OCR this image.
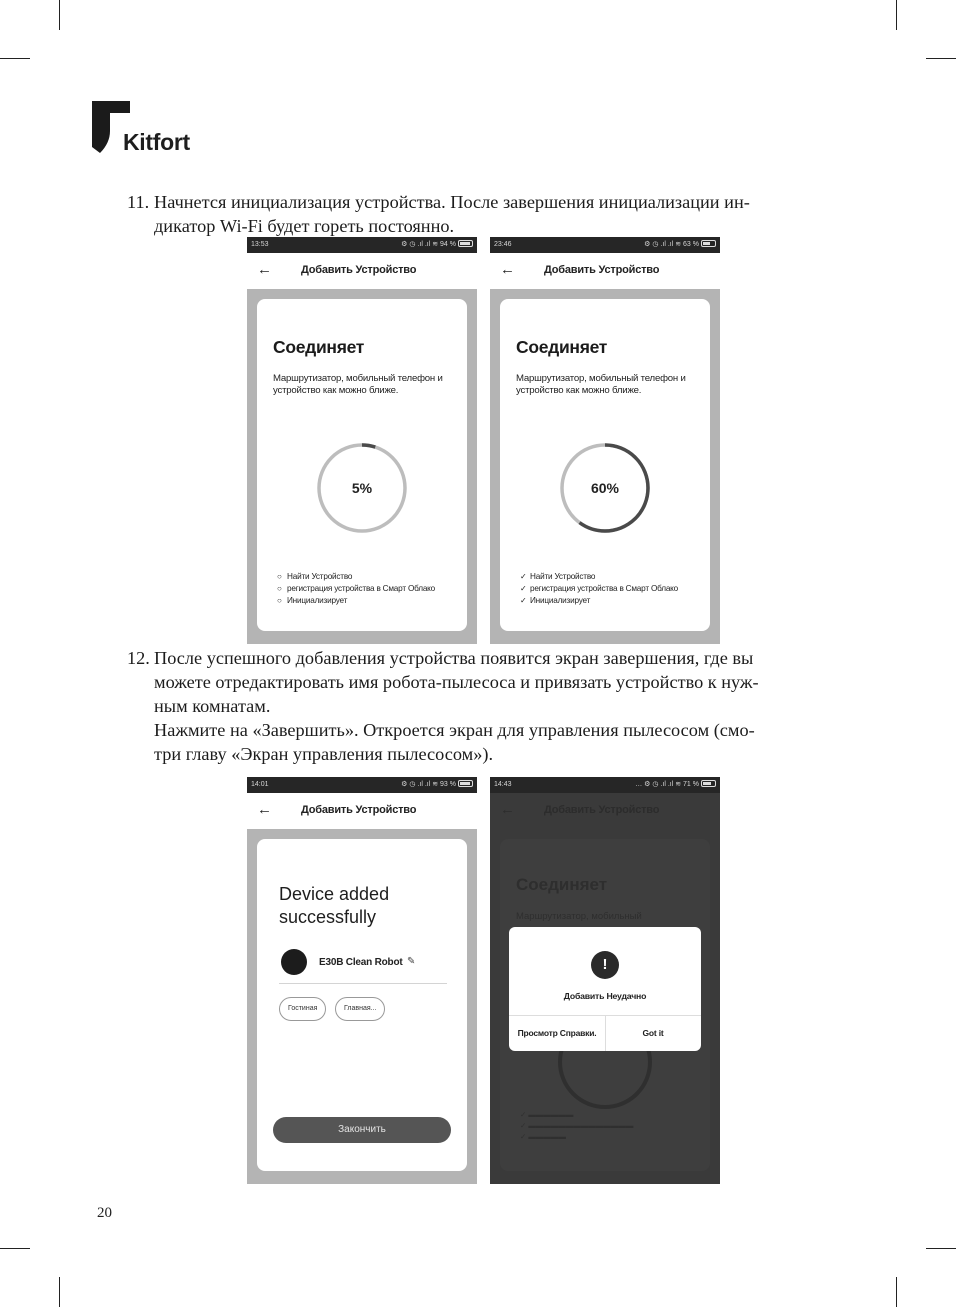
Kitfort
11. Начнется инициализация устройства. После завершения инициализации ин-
дикатор Wi-Fi будет гореть постоянно.
13:53	⚙ ◷ .ıl .ıl ≋ 94 %
←	Добавить Устройство
Соединяет
Маршрутизатор, мобильный телефон и устройство как можно ближе.
5%
○ Найти Устройство
○ регистрация устройства в Смарт Облако
○ Инициализирует
23:46	⚙ ◷ .ıl .ıl ≋ 63 %
←	Добавить Устройство
Соединяет
Маршрутизатор, мобильный телефон и устройство как можно ближе.
60%
✓ Найти Устройство
✓ регистрация устройства в Смарт Облако
✓ Инициализирует
12. После успешного добавления устройства появится экран завершения, где вы
можете отредактировать имя робота-пылесоса и привязать устройство к нуж-
ным комнатам.
Нажмите на «Завершить». Откроется экран для управления пылесосом (смо-
три главу «Экран управления пылесосом»).
14:01	⚙ ◷ .ıl .ıl ≋ 93 %
←	Добавить Устройство
Device added successfully
E30B Clean Robot ✎
Гостиная	Главная...
Закончить
14:43	… ⚙ ◷ .ıl .ıl ≋ 71 %
←	Добавить Устройство
Соединяет
Маршрутизатор, мобильный
✓ ▬▬▬▬▬▬
✓ ▬▬▬▬▬▬▬▬▬▬▬▬▬▬
✓ ▬▬▬▬▬
!
Добавить Неудачно
Просмотр Справки.	Got it
20
